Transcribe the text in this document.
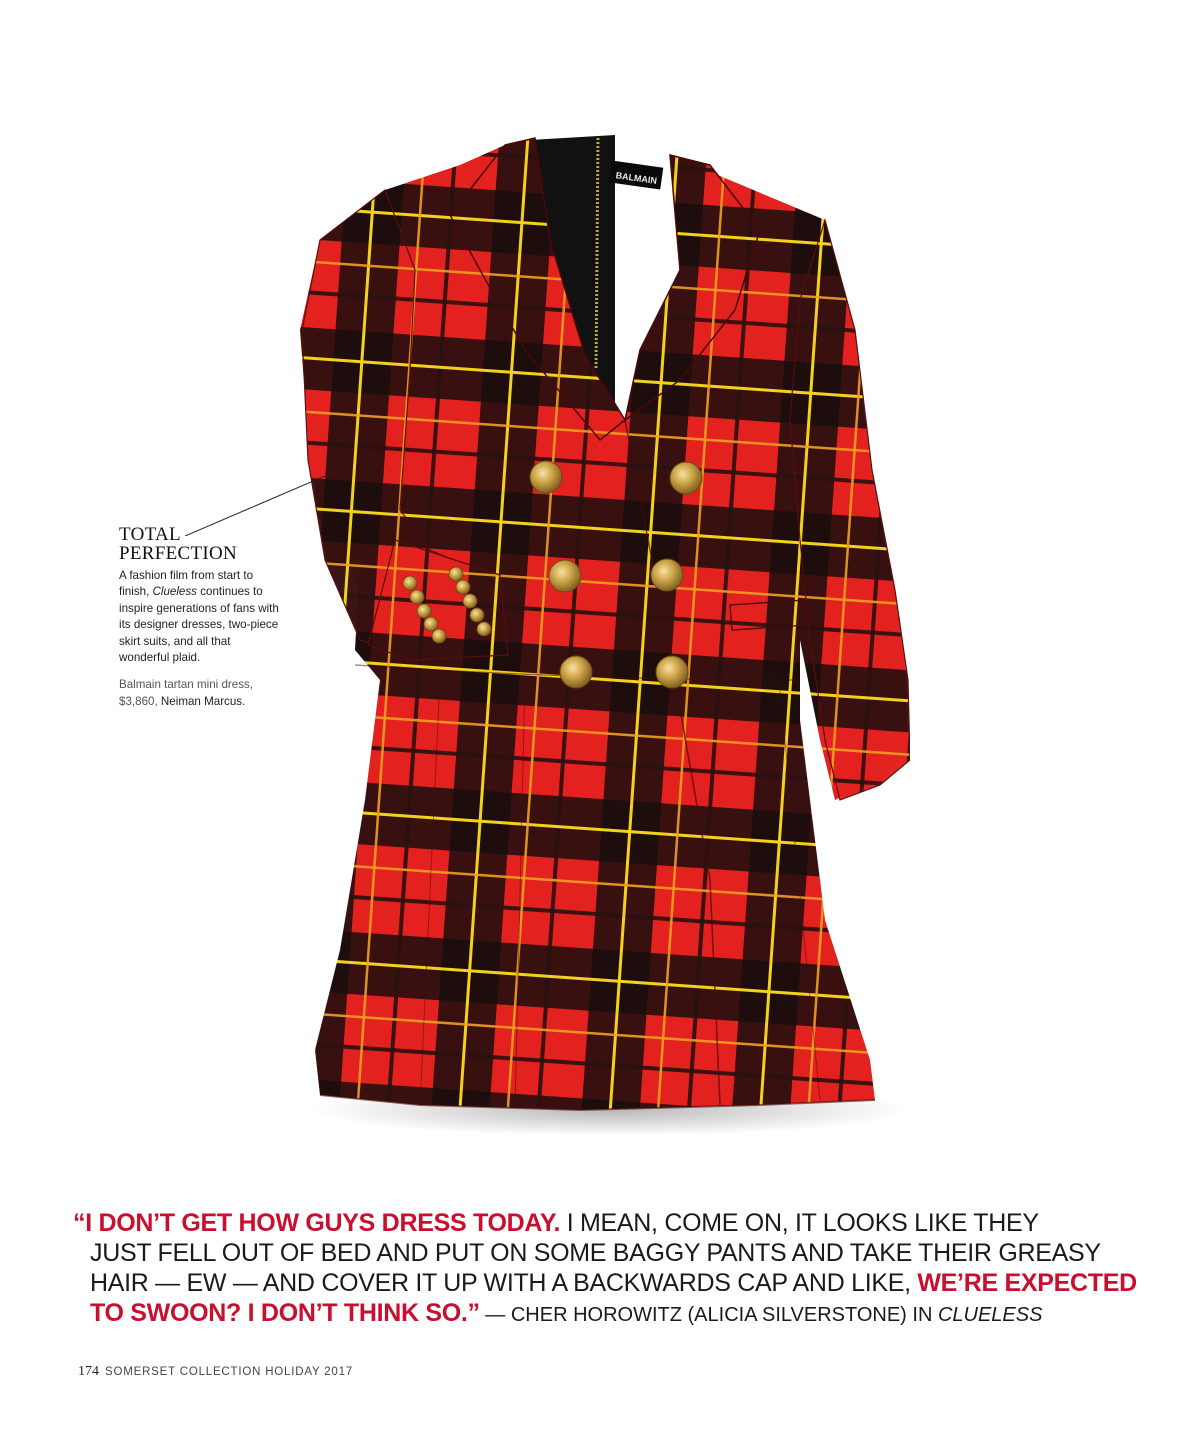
BALMAIN
TOTAL
PERFECTION

A fashion film from start to finish, Clueless continues to inspire generations of fans with its designer dresses, two-piece skirt suits, and all that wonderful plaid.

Balmain tartan mini dress,
$3,860, Neiman Marcus.

“I DON’T GET HOW GUYS DRESS TODAY. I MEAN, COME ON, IT LOOKS LIKE THEY
JUST FELL OUT OF BED AND PUT ON SOME BAGGY PANTS AND TAKE THEIR GREASY
HAIR — EW — AND COVER IT UP WITH A BACKWARDS CAP AND LIKE, WE’RE EXPECTED
TO SWOON? I DON’T THINK SO.” — CHER HOROWITZ (ALICIA SILVERSTONE) IN CLUELESS
174 SOMERSET COLLECTION HOLIDAY 2017
